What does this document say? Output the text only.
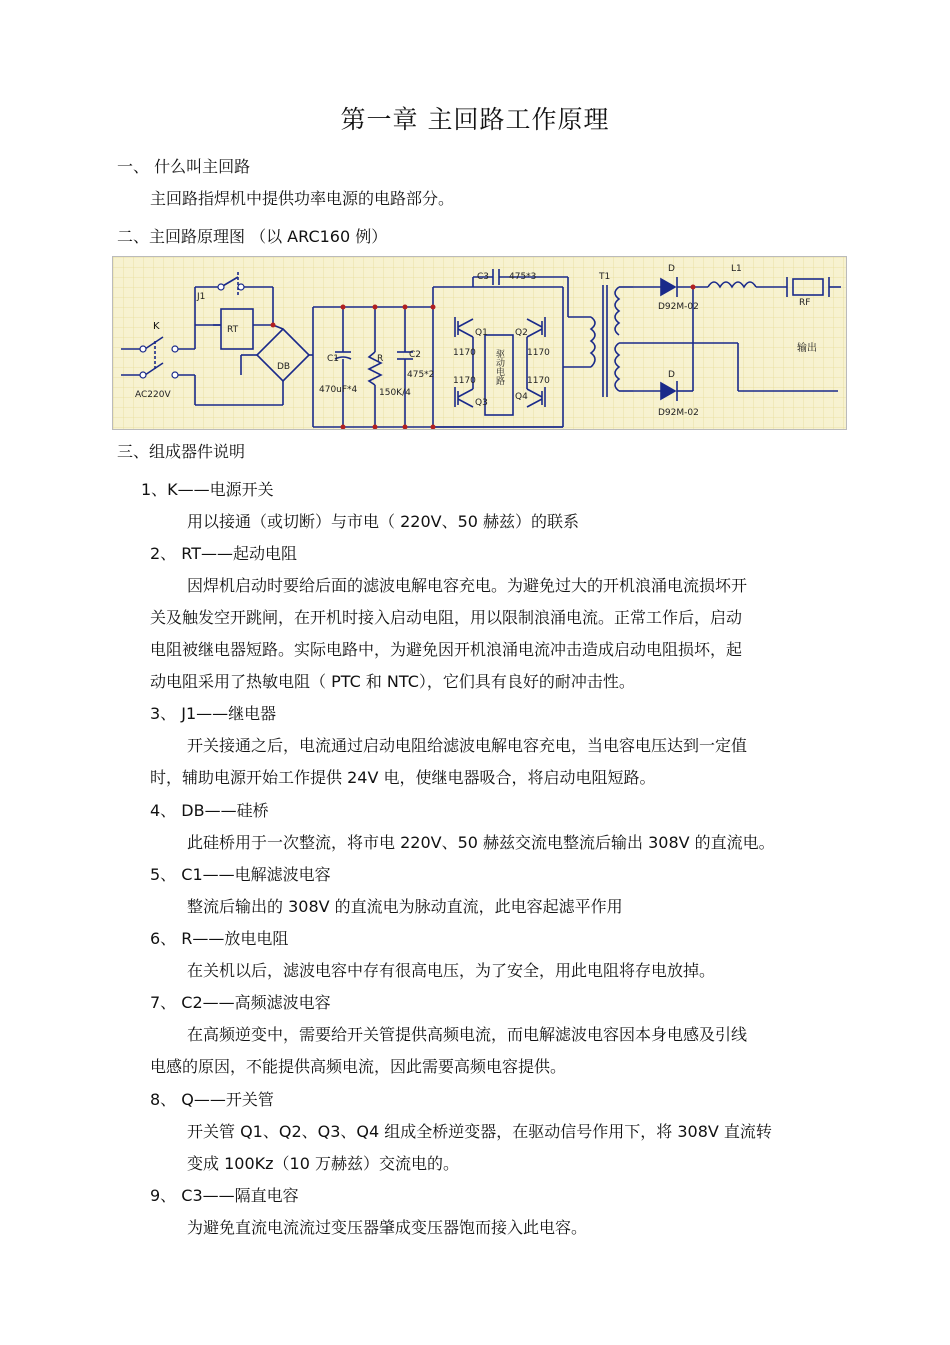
第一章 主回路工作原理
一、 什么叫主回路
主回路指焊机中提供功率电源的电路部分。
二、主回路原理图 （以 ARC160 例）
K
AC220V
J1
RT
DB
C1
470uF*4
R
150K/4
C2
475*2
C3 475*3
Q1	Q2
Q3
Q4
1170	1170
1170	1170
驱动电路
T1
D
D92M-02
D
D92M-02
L1
RF
输出
三、组成器件说明
1、K——电源开关
用以接通（或切断）与市电（ 220V、50 赫兹）的联系
2、 RT——起动电阻
因焊机启动时要给后面的滤波电解电容充电。为避免过大的开机浪涌电流损坏开
关及触发空开跳闸，在开机时接入启动电阻，用以限制浪涌电流。正常工作后，启动
电阻被继电器短路。实际电路中，为避免因开机浪涌电流冲击造成启动电阻损坏，起
动电阻采用了热敏电阻（ PTC 和 NTC），它们具有良好的耐冲击性。
3、 J1——继电器
开关接通之后，电流通过启动电阻给滤波电解电容充电，当电容电压达到一定值
时，辅助电源开始工作提供 24V 电，使继电器吸合，将启动电阻短路。
4、 DB——硅桥
此硅桥用于一次整流，将市电 220V、50 赫兹交流电整流后输出 308V 的直流电。
5、 C1——电解滤波电容
整流后输出的 308V 的直流电为脉动直流，此电容起滤平作用
6、 R——放电电阻
在关机以后，滤波电容中存有很高电压，为了安全，用此电阻将存电放掉。
7、 C2——高频滤波电容
在高频逆变中，需要给开关管提供高频电流，而电解滤波电容因本身电感及引线
电感的原因，不能提供高频电流，因此需要高频电容提供。
8、 Q——开关管
开关管 Q1、Q2、Q3、Q4 组成全桥逆变器，在驱动信号作用下，将 308V 直流转
变成 100Kz（10 万赫兹）交流电的。
9、 C3——隔直电容
为避免直流电流流过变压器肇成变压器饱而接入此电容。
